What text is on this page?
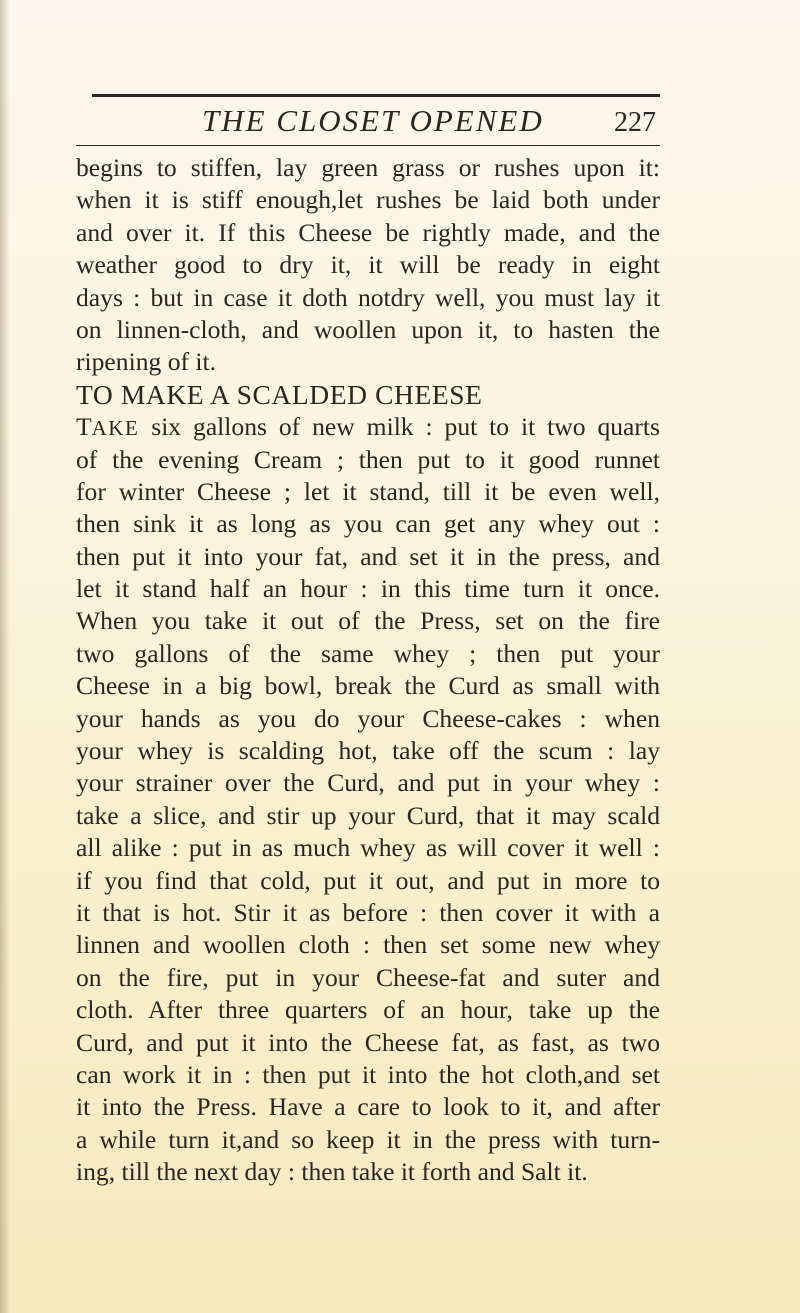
THE CLOSET OPENED	227
begins to stiffen, lay green grass or rushes upon it:
when it is stiff enough,let rushes be laid both under
and over it. If this Cheese be rightly made, and the
weather good to dry it, it will be ready in eight
days : but in case it doth notdry well, you must lay it
on linnen-cloth, and woollen upon it, to hasten the
ripening of it.
TO MAKE A SCALDED CHEESE
TAKE six gallons of new milk : put to it two quarts
of the evening Cream ; then put to it good runnet
for winter Cheese ; let it stand, till it be even well,
then sink it as long as you can get any whey out :
then put it into your fat, and set it in the press, and
let it stand half an hour : in this time turn it once.
When you take it out of the Press, set on the fire
two gallons of the same whey ; then put your
Cheese in a big bowl, break the Curd as small with
your hands as you do your Cheese-cakes : when
your whey is scalding hot, take off the scum : lay
your strainer over the Curd, and put in your whey :
take a slice, and stir up your Curd, that it may scald
all alike : put in as much whey as will cover it well :
if you find that cold, put it out, and put in more to
it that is hot. Stir it as before : then cover it with a
linnen and woollen cloth : then set some new whey
on the fire, put in your Cheese-fat and suter and
cloth. After three quarters of an hour, take up the
Curd, and put it into the Cheese fat, as fast, as two
can work it in : then put it into the hot cloth,and set
it into the Press. Have a care to look to it, and after
a while turn it,and so keep it in the press with turn-
ing, till the next day : then take it forth and Salt it.
